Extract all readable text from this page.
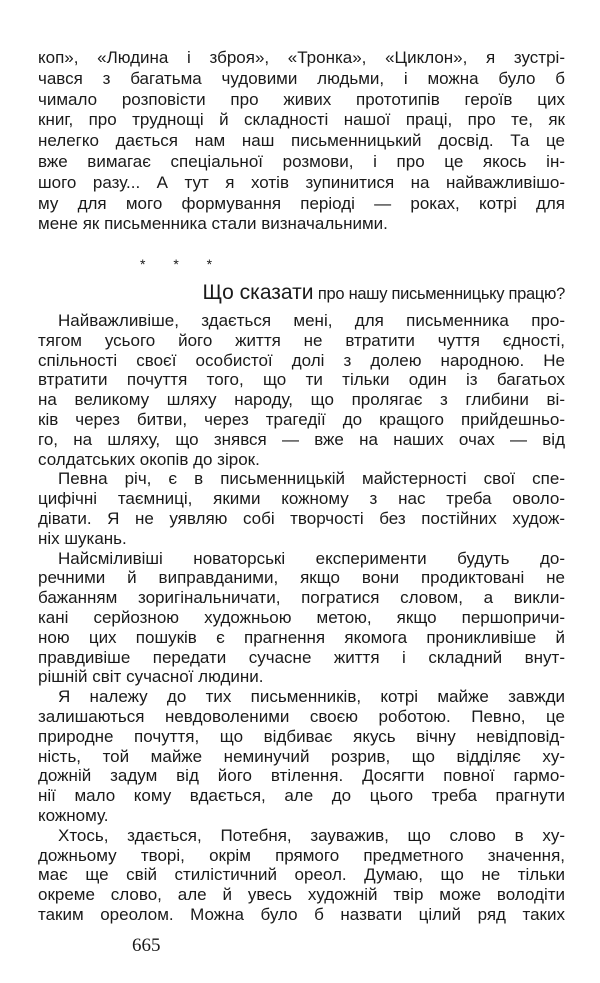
коп», «Людина і зброя», «Тронка», «Циклон», я зустрі-
чався з багатьма чудовими людьми, і можна було б
чимало розповісти про живих прототипів героїв цих
книг, про труднощі й складності нашої праці, про те, як
нелегко дається нам наш письменницький досвід. Та це
вже вимагає спеціальної розмови, і про це якось ін-
шого разу... А тут я хотів зупинитися на найважливішо-
му для мого формування періоді — роках, котрі для
мене як письменника стали визначальними.
* * *
Що сказати про нашу письменницьку працю?
Найважливіше, здається мені, для письменника про-
тягом усього його життя не втратити чуття єдності,
спільності своєї особистої долі з долею народною. Не
втратити почуття того, що ти тільки один із багатьох
на великому шляху народу, що пролягає з глибини ві-
ків через битви, через трагедії до кращого прийдешньо-
го, на шляху, що знявся — вже на наших очах — від
солдатських окопів до зірок.
Певна річ, є в письменницькій майстерності свої спе-
цифічні таємниці, якими кожному з нас треба оволо-
дівати. Я не уявляю собі творчості без постійних худож-
ніх шукань.
Найсміливіші новаторські експерименти будуть до-
речними й виправданими, якщо вони продиктовані не
бажанням зоригінальничати, погратися словом, а викли-
кані серйозною художньою метою, якщо першопричи-
ною цих пошуків є прагнення якомога проникливіше й
правдивіше передати сучасне життя і складний внут-
рішній світ сучасної людини.
Я належу до тих письменників, котрі майже завжди
залишаються невдоволеними своєю роботою. Певно, це
природне почуття, що відбиває якусь вічну невідповід-
ність, той майже неминучий розрив, що відділяє ху-
дожній задум від його втілення. Досягти повної гармо-
нії мало кому вдається, але до цього треба прагнути
кожному.
Хтось, здається, Потебня, зауважив, що слово в ху-
дожньому творі, окрім прямого предметного значення,
має ще свій стилістичний ореол. Думаю, що не тільки
окреме слово, але й увесь художній твір може володіти
таким ореолом. Можна було б назвати цілий ряд таких
665
